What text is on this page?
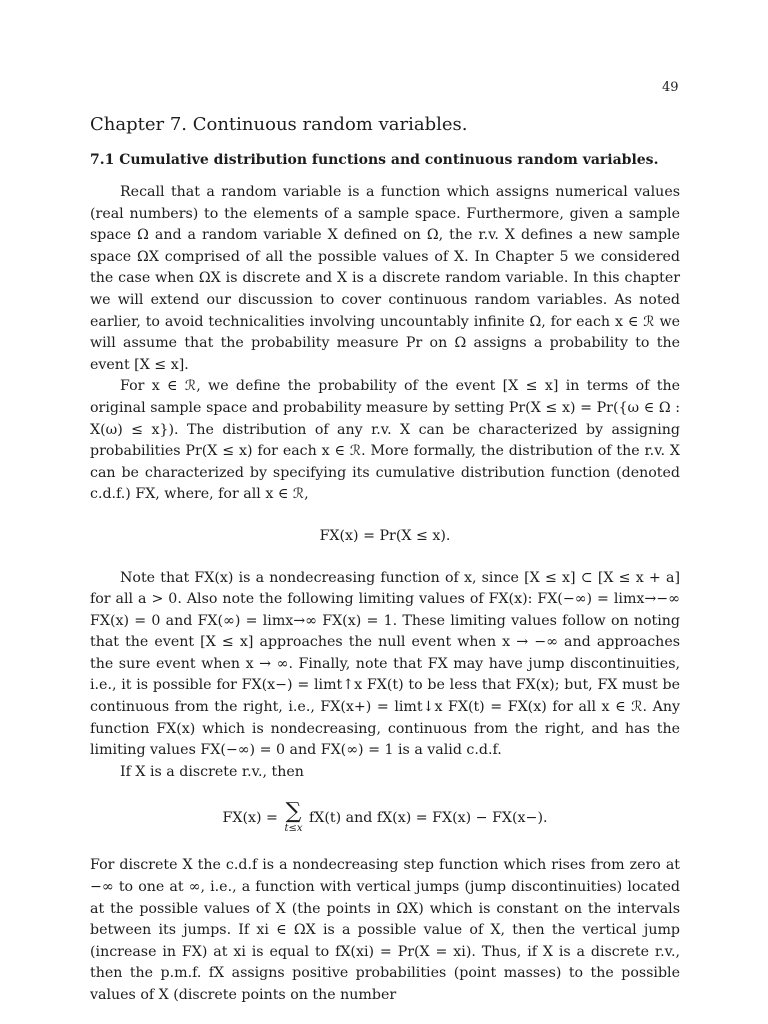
49
Chapter 7. Continuous random variables.
7.1 Cumulative distribution functions and continuous random variables.

Recall that a random variable is a function which assigns numerical values (real numbers) to the elements of a sample space. Furthermore, given a sample space Ω and a random variable X defined on Ω, the r.v. X defines a new sample space ΩX comprised of all the possible values of X. In Chapter 5 we considered the case when ΩX is discrete and X is a discrete random variable. In this chapter we will extend our discussion to cover continuous random variables. As noted earlier, to avoid technicalities involving uncountably infinite Ω, for each x ∈ ℛ we will assume that the probability measure Pr on Ω assigns a probability to the event [X ≤ x].

For x ∈ ℛ, we define the probability of the event [X ≤ x] in terms of the original sample space and probability measure by setting Pr(X ≤ x) = Pr({ω ∈ Ω : X(ω) ≤ x}). The distribution of any r.v. X can be characterized by assigning probabilities Pr(X ≤ x) for each x ∈ ℛ. More formally, the distribution of the r.v. X can be characterized by specifying its cumulative distribution function (denoted c.d.f.) FX, where, for all x ∈ ℛ,

FX(x) = Pr(X ≤ x).

Note that FX(x) is a nondecreasing function of x, since [X ≤ x] ⊂ [X ≤ x + a] for all a > 0. Also note the following limiting values of FX(x): FX(−∞) = limx→−∞ FX(x) = 0 and FX(∞) = limx→∞ FX(x) = 1. These limiting values follow on noting that the event [X ≤ x] approaches the null event when x → −∞ and approaches the sure event when x → ∞. Finally, note that FX may have jump discontinuities, i.e., it is possible for FX(x−) = limt↑x FX(t) to be less that FX(x); but, FX must be continuous from the right, i.e., FX(x+) = limt↓x FX(t) = FX(x) for all x ∈ ℛ. Any function FX(x) which is nondecreasing, continuous from the right, and has the limiting values FX(−∞) = 0 and FX(∞) = 1 is a valid c.d.f.

If X is a discrete r.v., then

FX(x) = ∑
t≤x
fX(t) and fX(x) = FX(x) − FX(x−).

For discrete X the c.d.f is a nondecreasing step function which rises from zero at −∞ to one at ∞, i.e., a function with vertical jumps (jump discontinuities) located at the possible values of X (the points in ΩX) which is constant on the intervals between its jumps. If xi ∈ ΩX is a possible value of X, then the vertical jump (increase in FX) at xi is equal to fX(xi) = Pr(X = xi). Thus, if X is a discrete r.v., then the p.m.f. fX assigns positive probabilities (point masses) to the possible values of X (discrete points on the number
